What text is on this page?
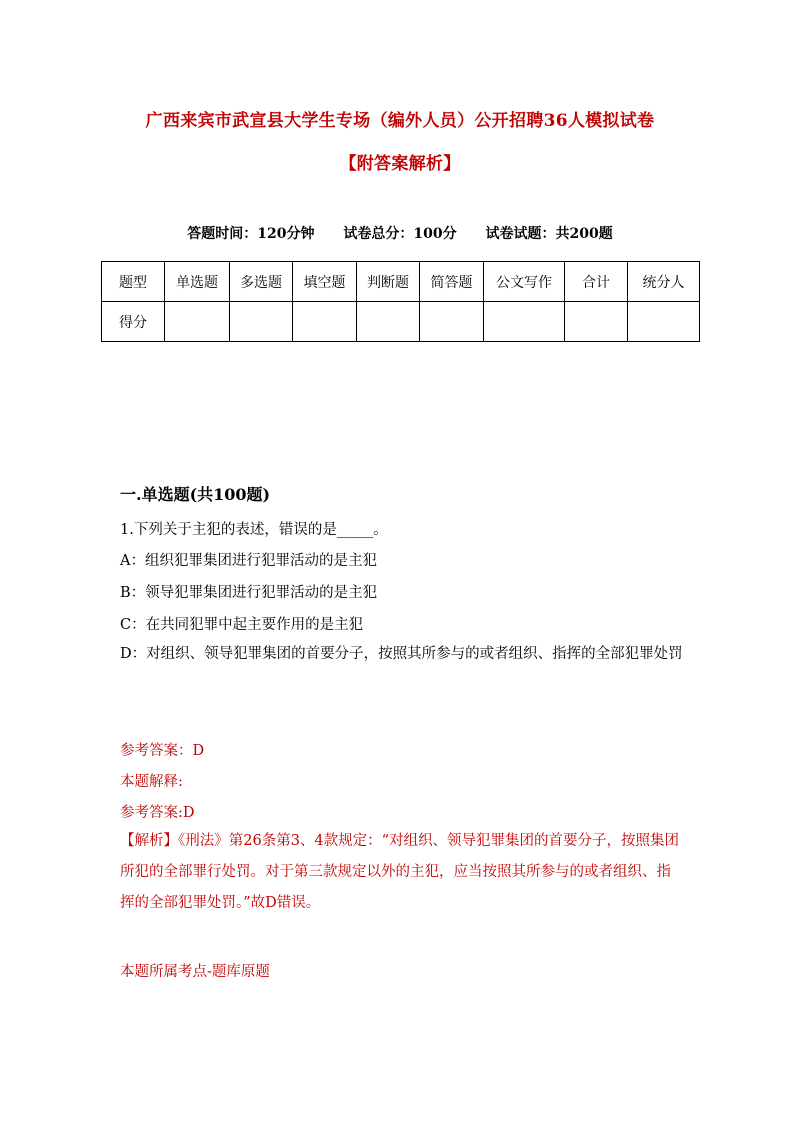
广西来宾市武宣县大学生专场（编外人员）公开招聘36人模拟试卷
【附答案解析】
答题时间：120分钟 试卷总分：100分 试卷试题：共200题
题型	单选题	多选题	填空题	判断题	简答题	公文写作	合计	统分人
得分								
一.单选题(共100题)
1.下列关于主犯的表述，错误的是_____。
A：组织犯罪集团进行犯罪活动的是主犯
B：领导犯罪集团进行犯罪活动的是主犯
C：在共同犯罪中起主要作用的是主犯
D：对组织、领导犯罪集团的首要分子，按照其所参与的或者组织、指挥的全部犯罪处罚
参考答案：D
本题解释:
参考答案:D
【解析】《刑法》第26条第3、4款规定：“对组织、领导犯罪集团的首要分子，按照集团所犯的全部罪行处罚。对于第三款规定以外的主犯，应当按照其所参与的或者组织、指挥的全部犯罪处罚。”故D错误。
本题所属考点-题库原题
